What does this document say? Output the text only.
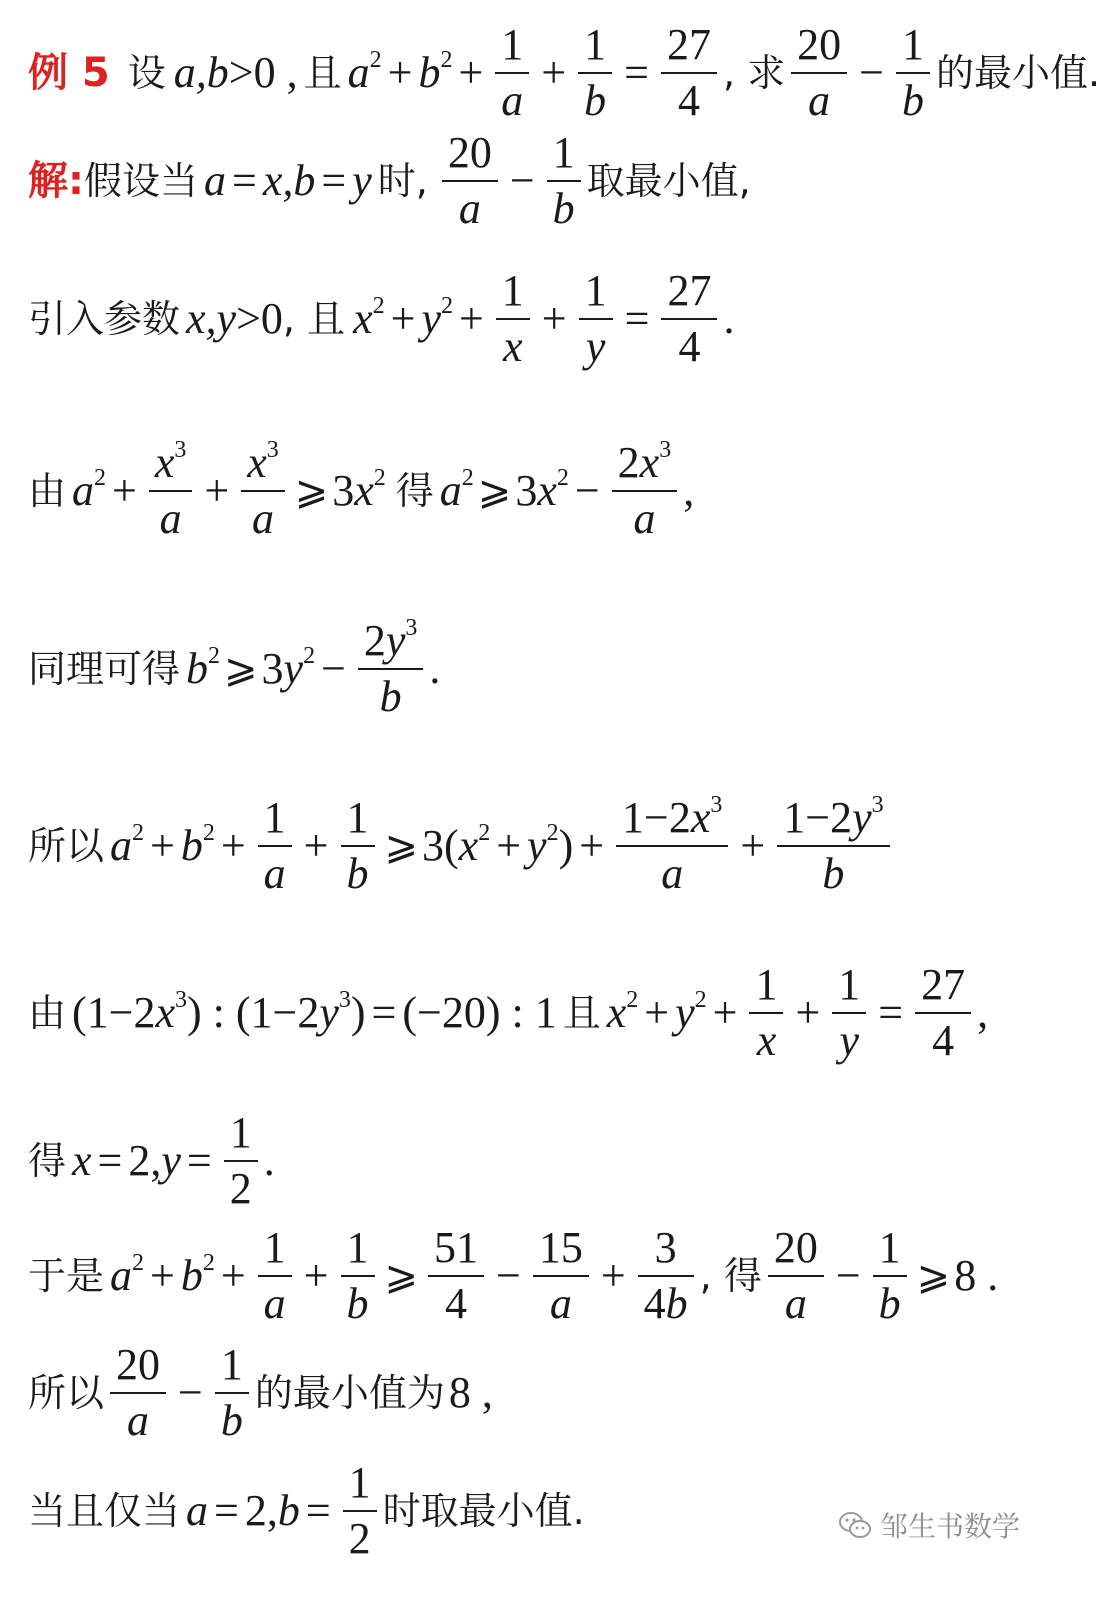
例 5 设 a,b >0 , 且 $a^2 + b^2 + \frac{1}{a} + \frac{1}{b} = \frac{27}{4}$ , 求 $\frac{20}{a} - \frac{1}{b}$ 的最小值.
解: 假设当 a = x,b = y 时, $\frac{20}{a} - \frac{1}{b}$ 取最小值,
引入参数 x,y >0 , 且 $x^2 + y^2 + \frac{1}{x} + \frac{1}{y} = \frac{27}{4}$ .
由 $a^2 + \frac{x^3}{a} + \frac{x^3}{a}$ ⩾ 3 $x^2$ 得 $a^2$ ⩾ 3 $x^2 - \frac{2x^3}{a}$ ,
同理可得 $b^2$ ⩾ 3 $y^2 - \frac{2y^3}{b}$ .
所以 $a^2 + b^2 + \frac{1}{a} + \frac{1}{b}$ ⩾ 3( $x^2 + y^2$ ) + $\frac{1-2x^3}{a} + \frac{1-2y^3}{b}$
由 (1−2 $x^3$ ) : (1−2 $y^3$ ) = (−20) : 1 且 $x^2 + y^2 + \frac{1}{x} + \frac{1}{y} = \frac{27}{4}$ ,
得 x = 2, $y = \frac{1}{2}$ .
于是 $a^2 + b^2 + \frac{1}{a} + \frac{1}{b}$ ⩾ $\frac{51}{4} - \frac{15}{a} + \frac{3}{4b}$ , 得 $\frac{20}{a} - \frac{1}{b}$ ⩾ 8 .
所以 $\frac{20}{a} - \frac{1}{b}$ 的最小值为 8 ,
当且仅当 a = 2, $b = \frac{1}{2}$ 时取最小值.	邹生书数学
